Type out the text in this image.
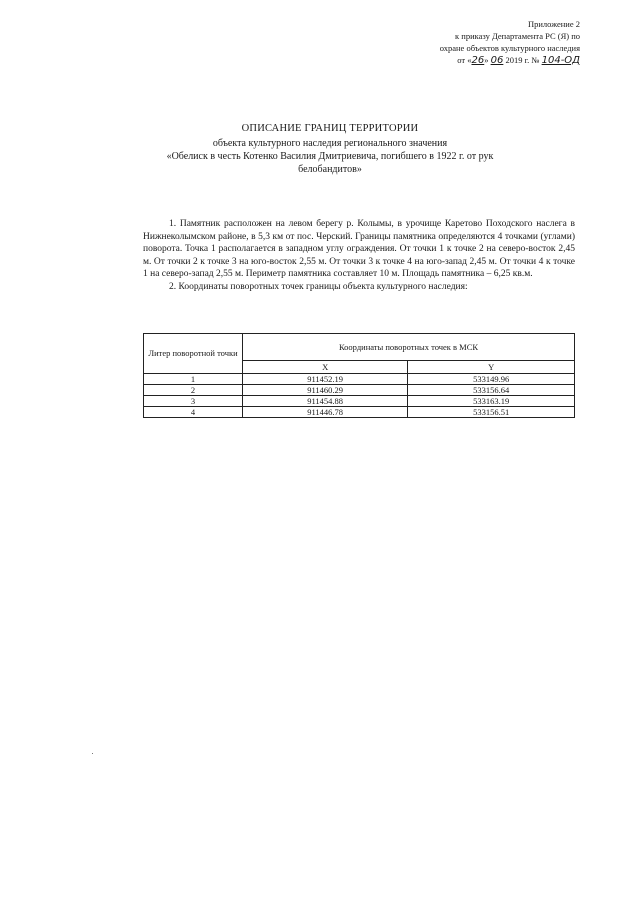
Приложение 2
к приказу Департамента РС (Я) по
охране объектов культурного наследия
от «26» 06 2019 г. № 104-ОД
ОПИСАНИЕ ГРАНИЦ ТЕРРИТОРИИ
объекта культурного наследия регионального значения
«Обелиск в честь Котенко Василия Дмитриевича, погибшего в 1922 г. от рук
белобандитов»

1. Памятник расположен на левом берегу р. Колымы, в урочище Каретово Походского наслега в Нижнеколымском районе, в 5,3 км от пос. Черский. Границы памятника определяются 4 точками (углами) поворота. Точка 1 располагается в западном углу ограждения. От точки 1 к точке 2 на северо-восток 2,45 м. От точки 2 к точке 3 на юго-восток 2,55 м. От точки 3 к точке 4 на юго-запад 2,45 м. От точки 4 к точке 1 на северо-запад 2,55 м. Периметр памятника составляет 10 м. Площадь памятника – 6,25 кв.м.

2. Координаты поворотных точек границы объекта культурного наследия:

Литер поворотной точки	Координаты поворотных точек в МСК	
	X	Y
1	911452.19	533149.96
2	911460.29	533156.64
3	911454.88	533163.19
4	911446.78	533156.51
